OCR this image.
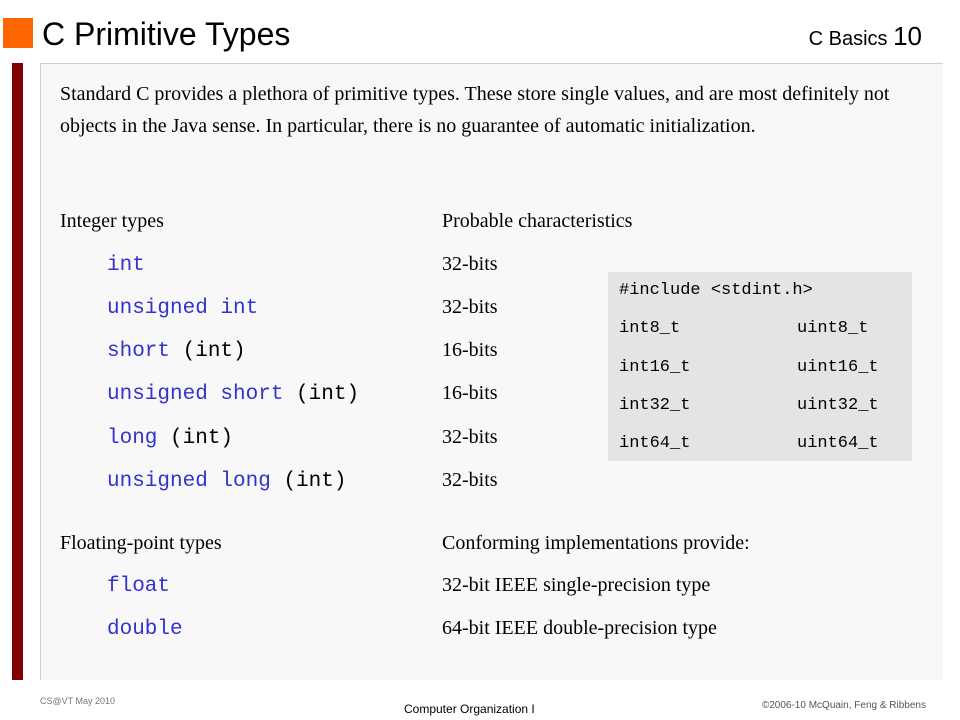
C Primitive Types	C Basics 10
Standard C provides a plethora of primitive types. These store single values, and are most definitely not objects in the Java sense. In particular, there is no guarantee of automatic initialization.
Integer types	Probable characteristics
int	32-bits
unsigned int	32-bits
short (int)	16-bits
unsigned short (int)	16-bits
long (int)	32-bits
unsigned long (int)	32-bits
#include <stdint.h>
int8_t	uint8_t
int16_t	uint16_t
int32_t	uint32_t
int64_t	uint64_t
Floating-point types	Conforming implementations provide:
float	32-bit IEEE single-precision type
double	64-bit IEEE double-precision type
CS@VT May 2010
Computer Organization I	©2006-10 McQuain, Feng & Ribbens
